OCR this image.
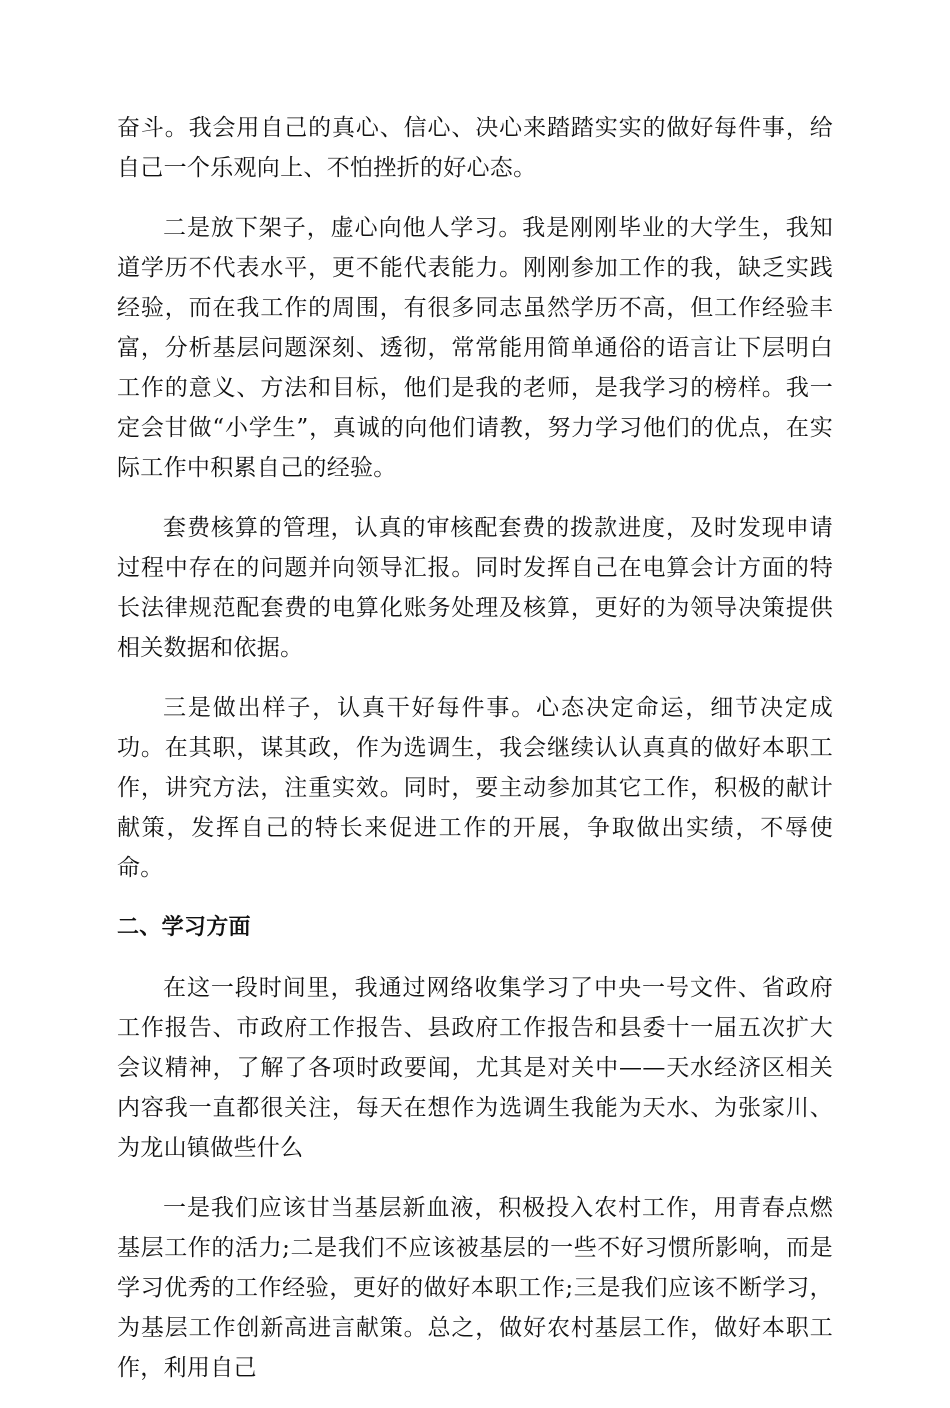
奋斗。我会用自己的真心、信心、决心来踏踏实实的做好每件事，给自己一个乐观向上、不怕挫折的好心态。

二是放下架子，虚心向他人学习。我是刚刚毕业的大学生，我知道学历不代表水平，更不能代表能力。刚刚参加工作的我，缺乏实践经验，而在我工作的周围，有很多同志虽然学历不高，但工作经验丰富，分析基层问题深刻、透彻，常常能用简单通俗的语言让下层明白工作的意义、方法和目标，他们是我的老师，是我学习的榜样。我一定会甘做“小学生”，真诚的向他们请教，努力学习他们的优点，在实际工作中积累自己的经验。

套费核算的管理，认真的审核配套费的拨款进度，及时发现申请过程中存在的问题并向领导汇报。同时发挥自己在电算会计方面的特长法律规范配套费的电算化账务处理及核算，更好的为领导决策提供相关数据和依据。

三是做出样子，认真干好每件事。心态决定命运，细节决定成功。在其职，谋其政，作为选调生，我会继续认认真真的做好本职工作，讲究方法，注重实效。同时，要主动参加其它工作，积极的献计献策，发挥自己的特长来促进工作的开展，争取做出实绩，不辱使命。

二、学习方面

在这一段时间里，我通过网络收集学习了中央一号文件、省政府工作报告、市政府工作报告、县政府工作报告和县委十一届五次扩大会议精神，了解了各项时政要闻，尤其是对关中——天水经济区相关内容我一直都很关注，每天在想作为选调生我能为天水、为张家川、为龙山镇做些什么

一是我们应该甘当基层新血液，积极投入农村工作，用青春点燃基层工作的活力;二是我们不应该被基层的一些不好习惯所影响，而是学习优秀的工作经验，更好的做好本职工作;三是我们应该不断学习，为基层工作创新高进言献策。总之，做好农村基层工作，做好本职工作，利用自己
